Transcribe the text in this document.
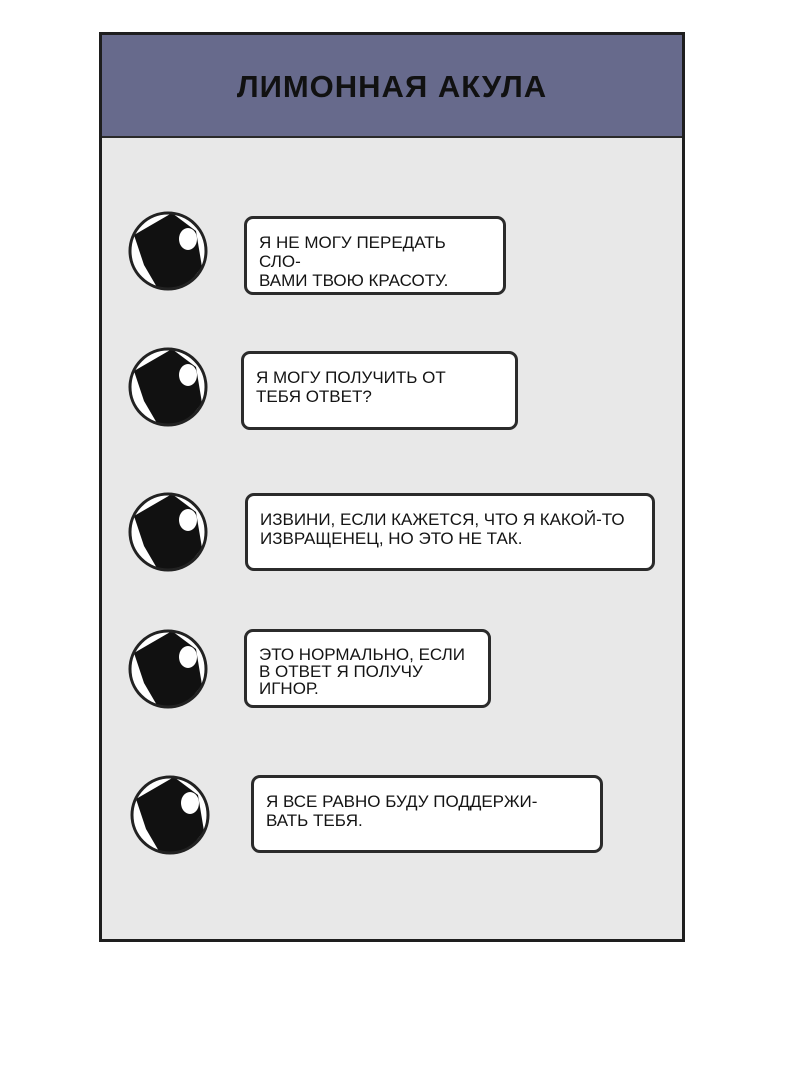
ЛИМОННАЯ АКУЛА
Я НЕ МОГУ ПЕРЕДАТЬ СЛО-
ВАМИ ТВОЮ КРАСОТУ.
Я МОГУ ПОЛУЧИТЬ ОТ
ТЕБЯ ОТВЕТ?
ИЗВИНИ, ЕСЛИ КАЖЕТСЯ, ЧТО Я КАКОЙ-ТО
ИЗВРАЩЕНЕЦ, НО ЭТО НЕ ТАК.
ЭТО НОРМАЛЬНО, ЕСЛИ
В ОТВЕТ Я ПОЛУЧУ
ИГНОР.
Я ВСЕ РАВНО БУДУ ПОДДЕРЖИ-
ВАТЬ ТЕБЯ.
